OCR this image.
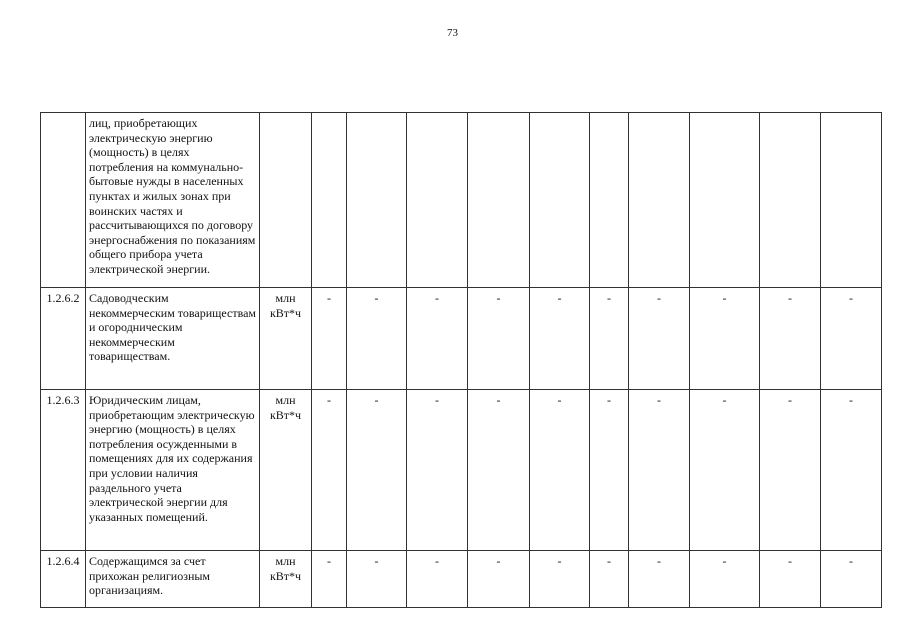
73
	лиц, приобретающих электрическую энергию (мощность) в целях потребления на коммунально-бытовые нужды в населенных пунктах и жилых зонах при воинских частях и рассчитывающихся по договору энергоснабжения по показаниям общего прибора учета электрической энергии.											
1.2.6.2	Садоводческим некоммерческим товариществам и огородническим некоммерческим товариществам.	млн кВт*ч	-	-	-	-	-	-	-	-	-	-
1.2.6.3	Юридическим лицам, приобретающим электрическую энергию (мощность) в целях потребления осужденными в помещениях для их содержания при условии наличия раздельного учета электрической энергии для указанных помещений.	млн кВт*ч	-	-	-	-	-	-	-	-	-	-
1.2.6.4	Содержащимся за счет прихожан религиозным организациям.	млн кВт*ч	-	-	-	-	-	-	-	-	-	-
